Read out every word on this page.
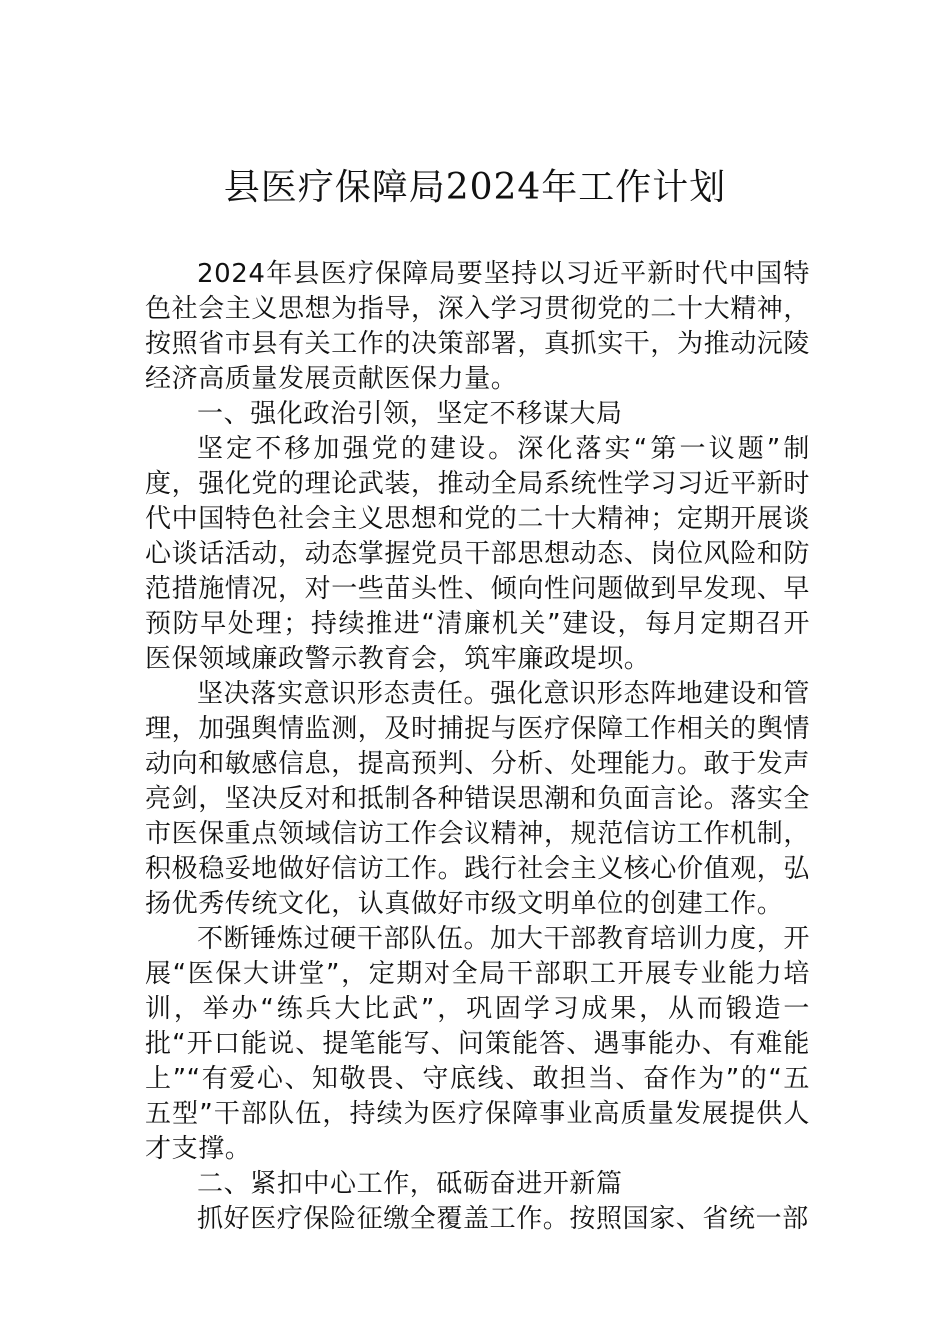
县医疗保障局2024年工作计划

2024年县医疗保障局要坚持以习近平新时代中国特色社会主义思想为指导，深入学习贯彻党的二十大精神，按照省市县有关工作的决策部署，真抓实干，为推动沅陵经济高质量发展贡献医保力量。

一、强化政治引领，坚定不移谋大局

坚定不移加强党的建设。深化落实“第一议题”制度，强化党的理论武装，推动全局系统性学习习近平新时代中国特色社会主义思想和党的二十大精神；定期开展谈心谈话活动，动态掌握党员干部思想动态、岗位风险和防范措施情况，对一些苗头性、倾向性问题做到早发现、早预防早处理；持续推进“清廉机关”建设，每月定期召开医保领域廉政警示教育会，筑牢廉政堤坝。

坚决落实意识形态责任。强化意识形态阵地建设和管理，加强舆情监测，及时捕捉与医疗保障工作相关的舆情动向和敏感信息，提高预判、分析、处理能力。敢于发声亮剑，坚决反对和抵制各种错误思潮和负面言论。落实全市医保重点领域信访工作会议精神，规范信访工作机制，积极稳妥地做好信访工作。践行社会主义核心价值观，弘扬优秀传统文化，认真做好市级文明单位的创建工作。

不断锤炼过硬干部队伍。加大干部教育培训力度，开展“医保大讲堂”，定期对全局干部职工开展专业能力培训，举办“练兵大比武”，巩固学习成果，从而锻造一批“开口能说、提笔能写、问策能答、遇事能办、有难能上”“有爱心、知敬畏、守底线、敢担当、奋作为”的“五五型”干部队伍，持续为医疗保障事业高质量发展提供人才支撑。

二、紧扣中心工作，砥砺奋进开新篇

抓好医疗保险征缴全覆盖工作。按照国家、省统一部
